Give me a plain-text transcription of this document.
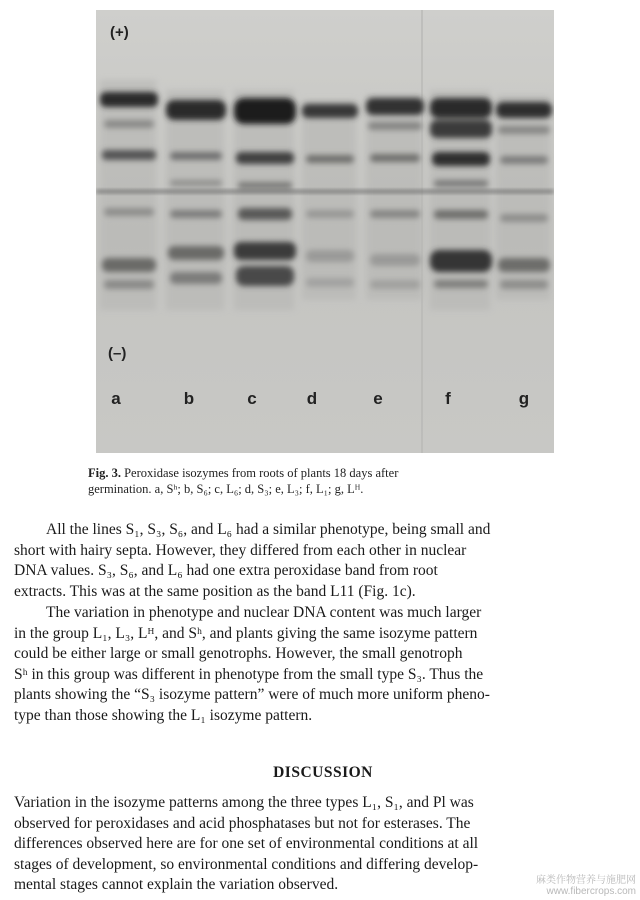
(+)
(–)
a	b	c	d	e	f	g
Fig. 3. Peroxidase isozymes from roots of plants 18 days after
germination. a, Sʰ; b, S₆; c, L₆; d, S₃; e, L₃; f, L₁; g, Lᴴ.
All the lines S₁, S₃, S₆, and L₆ had a similar phenotype, being small and
short with hairy septa. However, they differed from each other in nuclear
DNA values. S₃, S₆, and L₆ had one extra peroxidase band from root
extracts. This was at the same position as the band L11 (Fig. 1c).
The variation in phenotype and nuclear DNA content was much larger
in the group L₁, L₃, Lᴴ, and Sʰ, and plants giving the same isozyme pattern
could be either large or small genotrophs. However, the small genotroph
Sʰ in this group was different in phenotype from the small type S₃. Thus the
plants showing the “S₃ isozyme pattern” were of much more uniform pheno-
type than those showing the L₁ isozyme pattern.
DISCUSSION
Variation in the isozyme patterns among the three types L₁, S₁, and Pl was
observed for peroxidases and acid phosphatases but not for esterases. The
differences observed here are for one set of environmental conditions at all
stages of development, so environmental conditions and differing develop-
mental stages cannot explain the variation observed.	麻类作物营养与施肥网
www.fibercrops.com
